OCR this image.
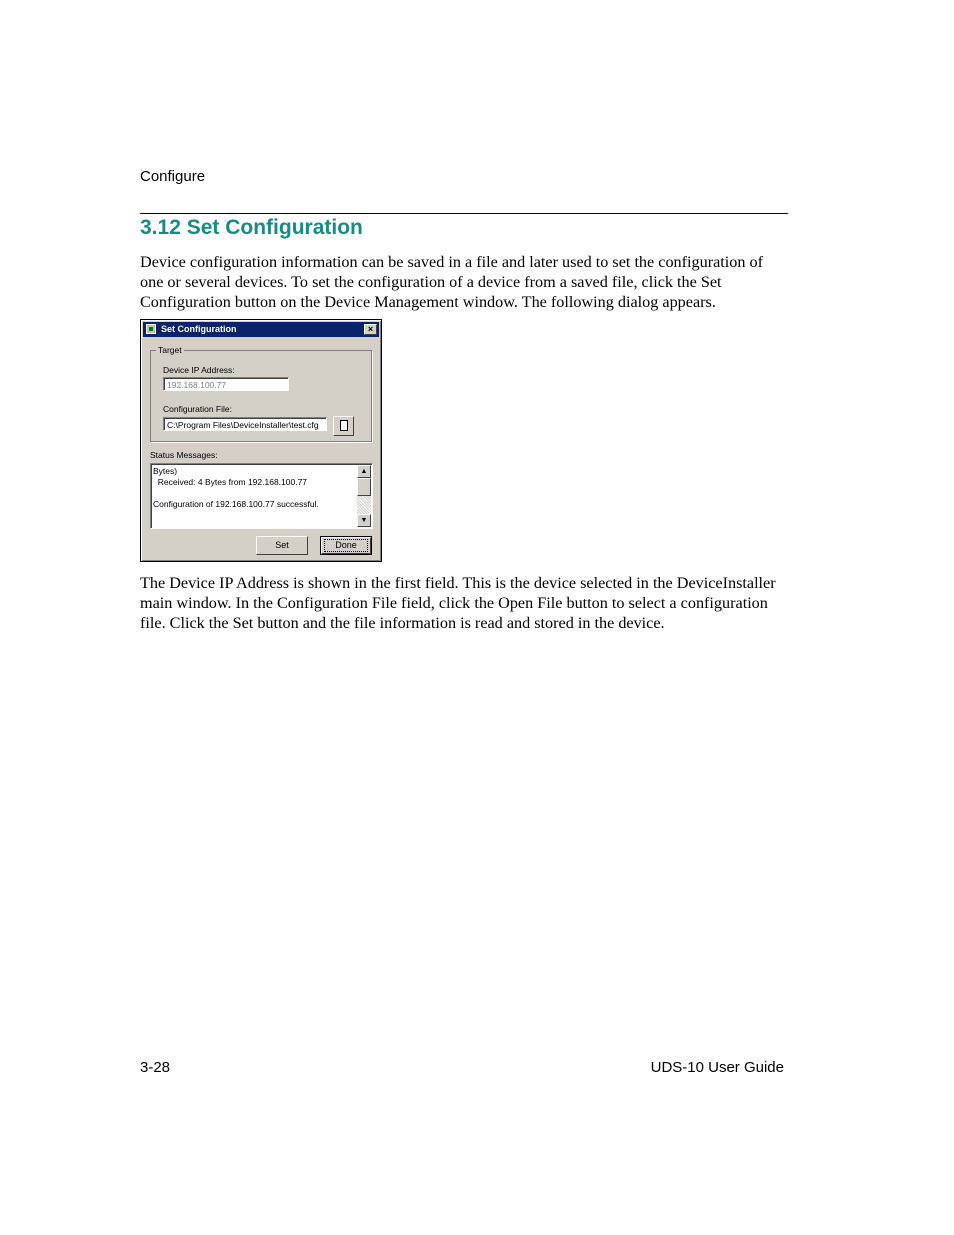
Configure
3.12 Set Configuration
Device configuration information can be saved in a file and later used to set the configuration of one or several devices. To set the configuration of a device from a saved file, click the Set Configuration button on the Device Management window. The following dialog appears.
Set Configuration	×
Target
Device IP Address:
192.168.100.77
Configuration File:
C:\Program Files\DeviceInstaller\test.cfg
Status Messages:
Bytes)
Received: 4 Bytes from 192.168.100.77

Configuration of 192.168.100.77 successful.
▲
▼
Set	Done
The Device IP Address is shown in the first field. This is the device selected in the DeviceInstaller main window. In the Configuration File field, click the Open File button to select a configuration file. Click the Set button and the file information is read and stored in the device.
3-28	UDS-10 User Guide
